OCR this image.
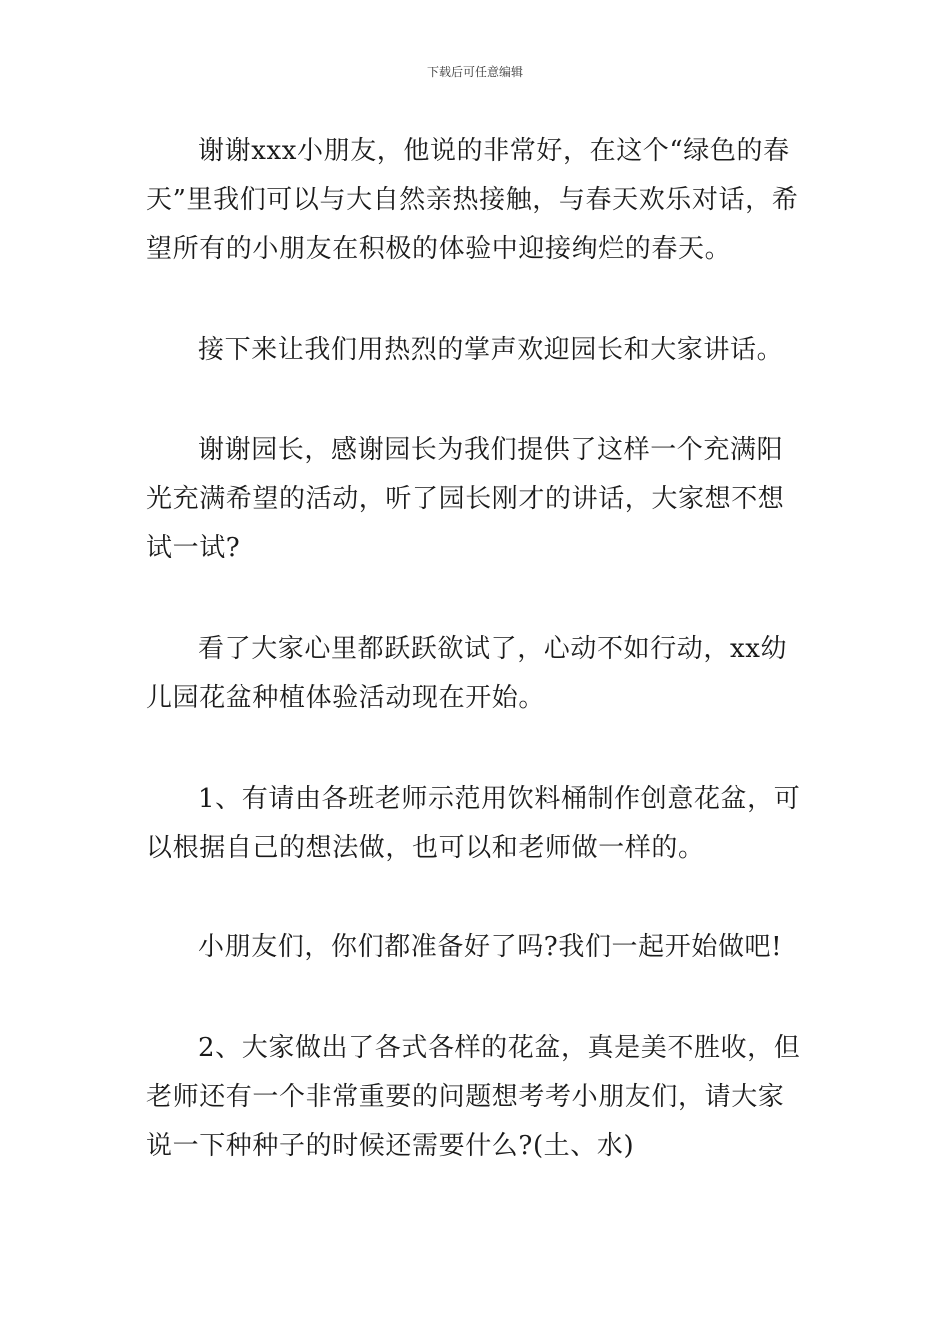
下载后可任意编辑

谢谢xxx小朋友，他说的非常好，在这个“绿色的春天”里我们可以与大自然亲热接触，与春天欢乐对话，希望所有的小朋友在积极的体验中迎接绚烂的春天。

接下来让我们用热烈的掌声欢迎园长和大家讲话。

谢谢园长，感谢园长为我们提供了这样一个充满阳光充满希望的活动，听了园长刚才的讲话，大家想不想试一试?

看了大家心里都跃跃欲试了，心动不如行动，xx幼儿园花盆种植体验活动现在开始。

1、有请由各班老师示范用饮料桶制作创意花盆，可以根据自己的想法做，也可以和老师做一样的。

小朋友们，你们都准备好了吗?我们一起开始做吧!

2、大家做出了各式各样的花盆，真是美不胜收，但老师还有一个非常重要的问题想考考小朋友们，请大家说一下种种子的时候还需要什么?(土、水)
